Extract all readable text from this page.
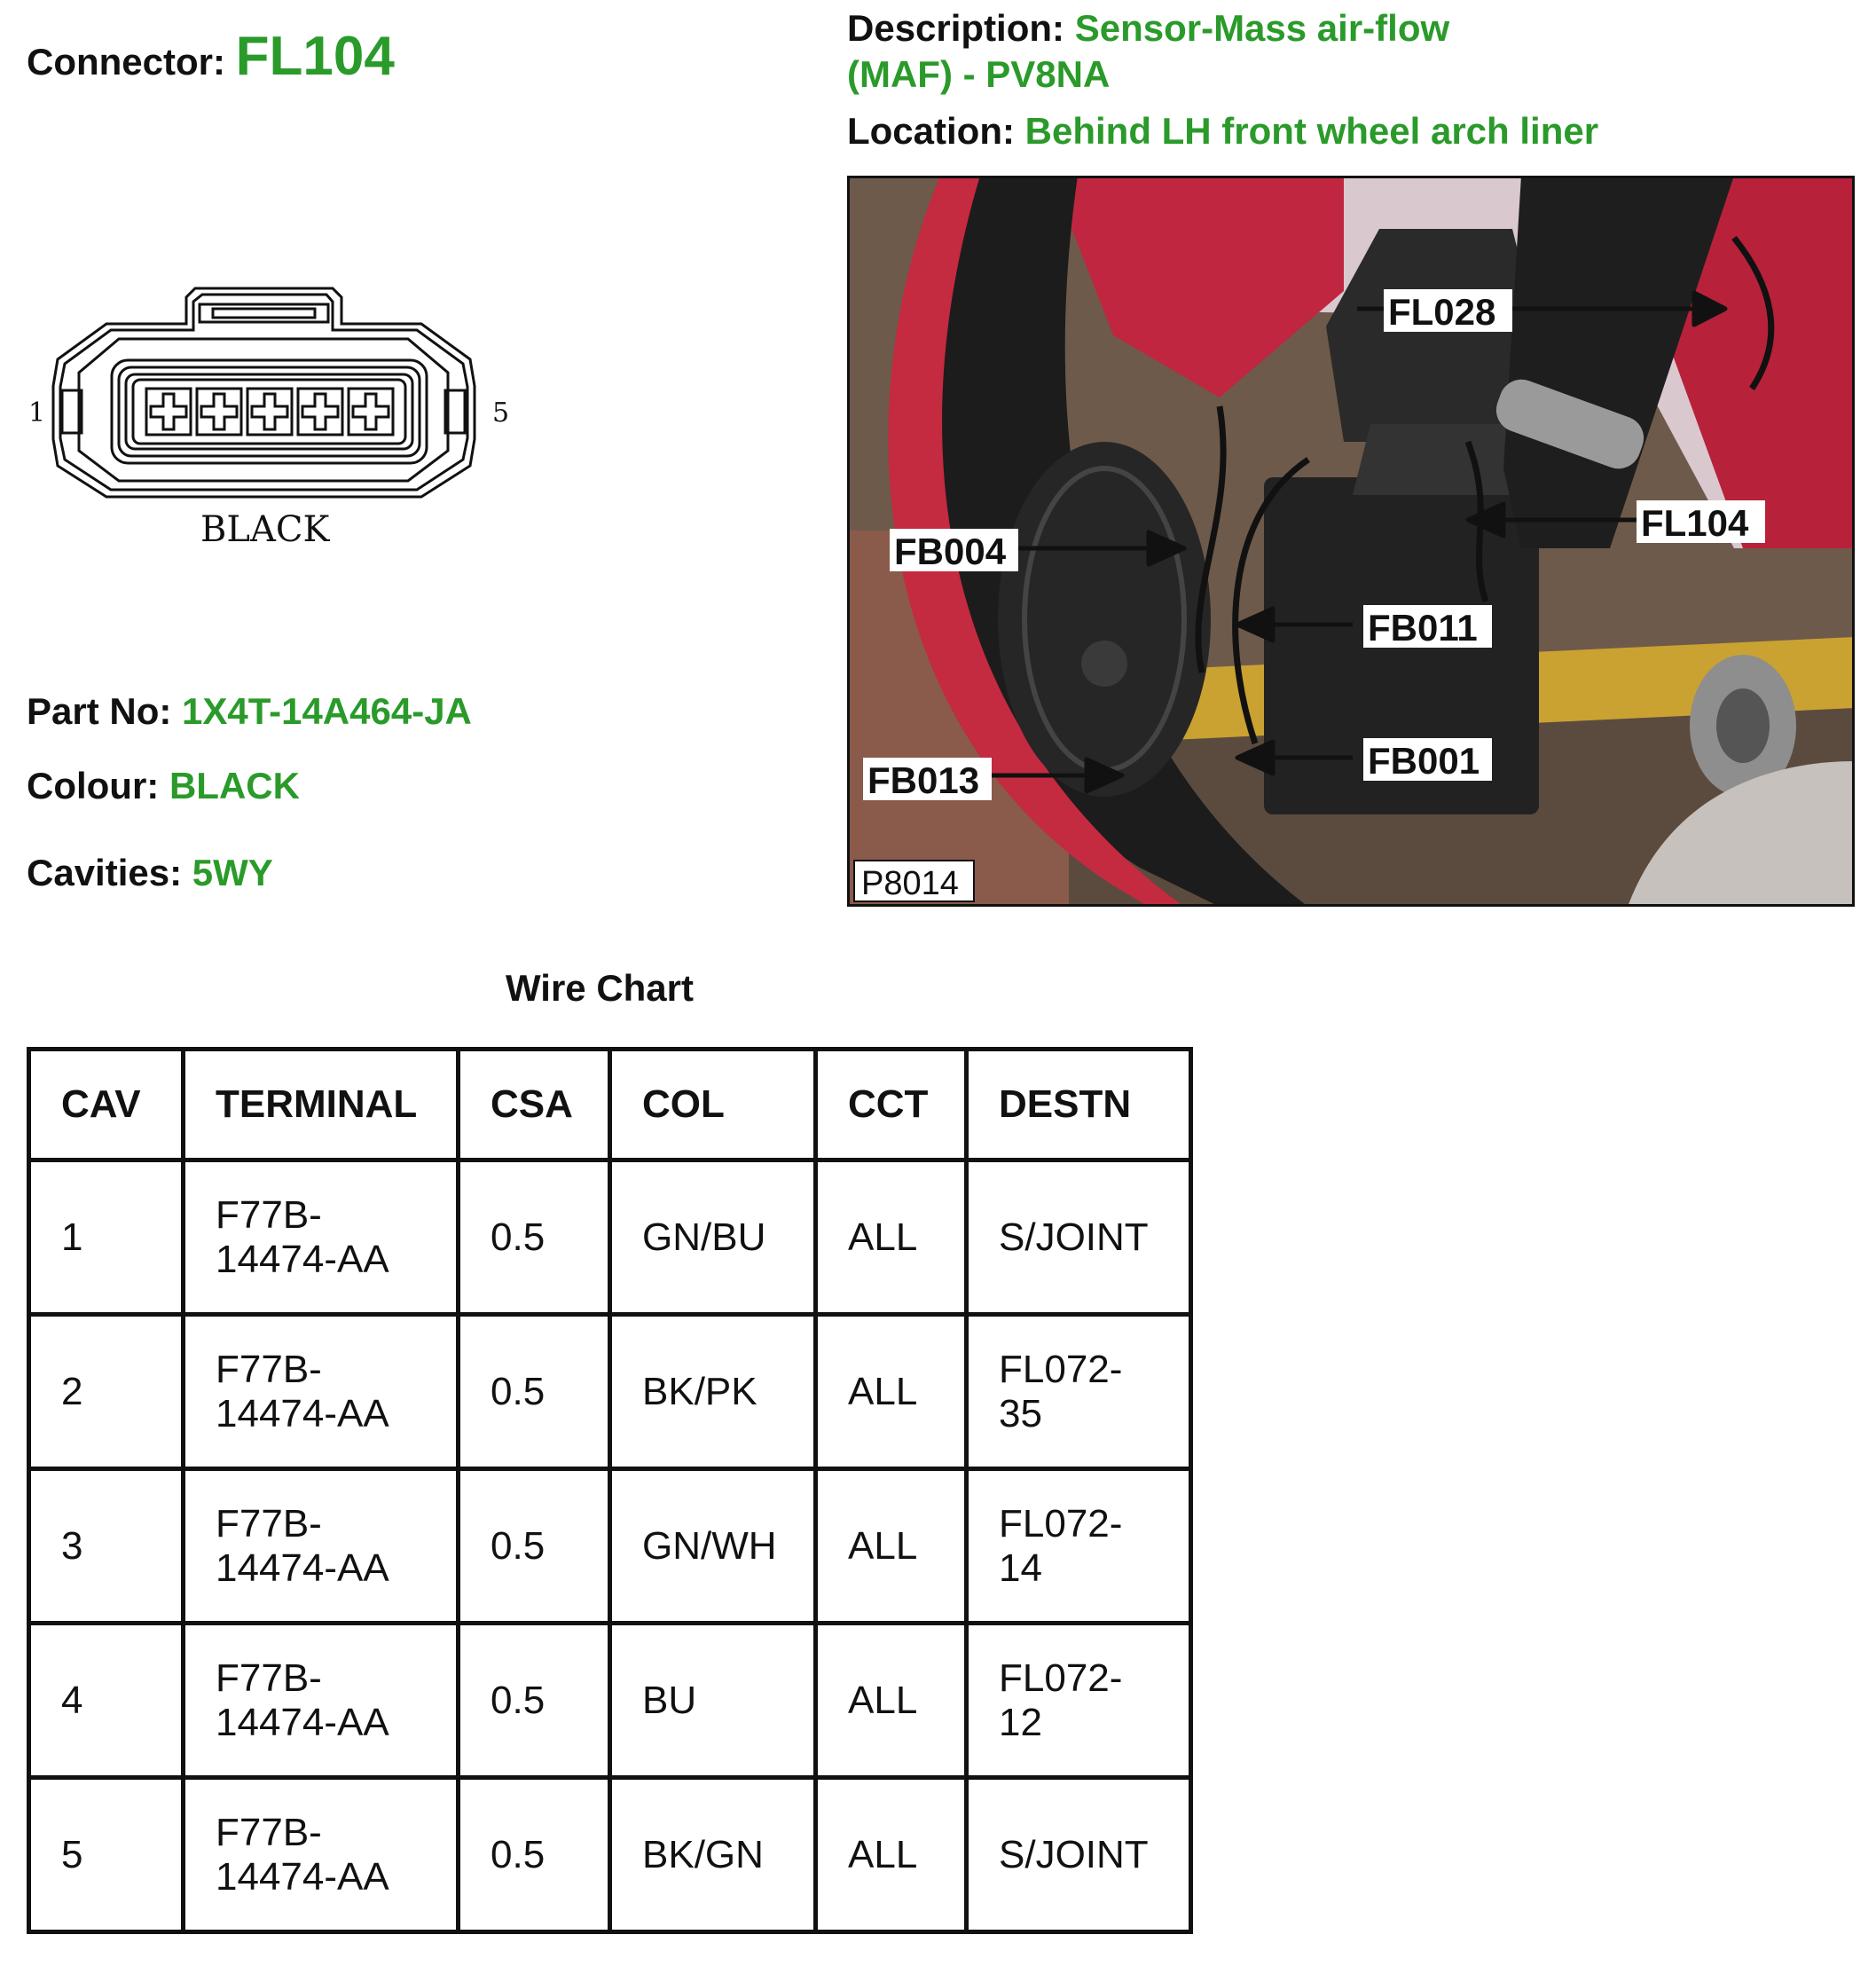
Connector: FL104	Description: Sensor-Mass air-flow
(MAF) - PV8NA
Location: Behind LH front wheel arch liner
1	5
BLACK
Part No: 1X4T-14A464-JA
Colour: BLACK
Cavities: 5WY
FL028
FL104
FB004
FB011
FB001
FB013
P8014
Wire Chart
CAV	TERMINAL	CSA	COL	CCT	DESTN
1	F77B-
14474-AA	0.5	GN/BU	ALL	S/JOINT
2	F77B-
14474-AA	0.5	BK/PK	ALL	FL072-
35
3	F77B-
14474-AA	0.5	GN/WH	ALL	FL072-
14
4	F77B-
14474-AA	0.5	BU	ALL	FL072-
12
5	F77B-
14474-AA	0.5	BK/GN	ALL	S/JOINT
